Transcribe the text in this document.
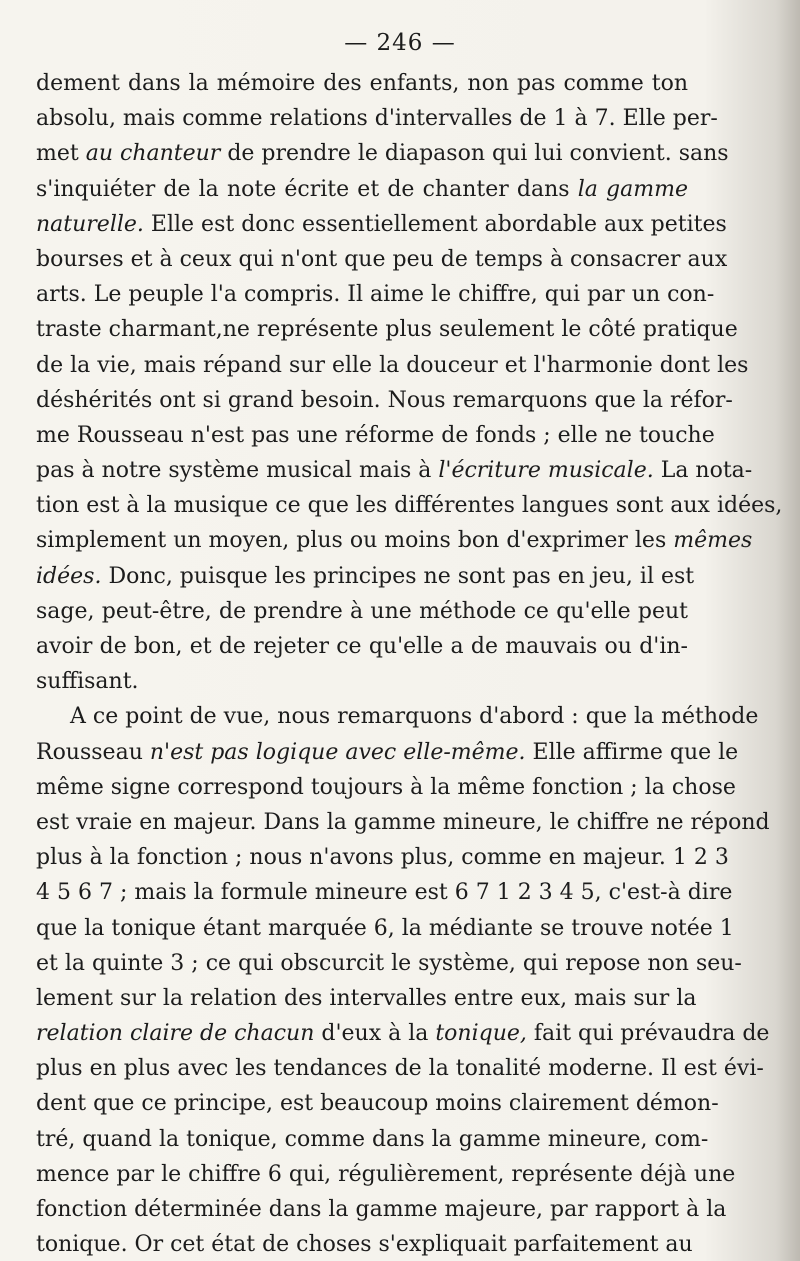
— 246 —
dement dans la mémoire des enfants, non pas comme ton
absolu, mais comme relations d'intervalles de 1 à 7. Elle per-
met au chanteur de prendre le diapason qui lui convient. sans
s'inquiéter de la note écrite et de chanter dans la gamme
naturelle. Elle est donc essentiellement abordable aux petites
bourses et à ceux qui n'ont que peu de temps à consacrer aux
arts. Le peuple l'a compris. Il aime le chiffre, qui par un con-
traste charmant,ne représente plus seulement le côté pratique
de la vie, mais répand sur elle la douceur et l'harmonie dont les
déshérités ont si grand besoin. Nous remarquons que la réfor-
me Rousseau n'est pas une réforme de fonds ; elle ne touche
pas à notre système musical mais à l'écriture musicale. La nota-
tion est à la musique ce que les différentes langues sont aux idées,
simplement un moyen, plus ou moins bon d'exprimer les mêmes
idées. Donc, puisque les principes ne sont pas en jeu, il est
sage, peut-être, de prendre à une méthode ce qu'elle peut
avoir de bon, et de rejeter ce qu'elle a de mauvais ou d'in-
suffisant.
A ce point de vue, nous remarquons d'abord : que la méthode
Rousseau n'est pas logique avec elle-même. Elle affirme que le
même signe correspond toujours à la même fonction ; la chose
est vraie en majeur. Dans la gamme mineure, le chiffre ne répond
plus à la fonction ; nous n'avons plus, comme en majeur. 1 2 3
4 5 6 7 ; mais la formule mineure est 6 7 1 2 3 4 5, c'est-à dire
que la tonique étant marquée 6, la médiante se trouve notée 1
et la quinte 3 ; ce qui obscurcit le système, qui repose non seu-
lement sur la relation des intervalles entre eux, mais sur la
relation claire de chacun d'eux à la tonique, fait qui prévaudra de
plus en plus avec les tendances de la tonalité moderne. Il est évi-
dent que ce principe, est beaucoup moins clairement démon-
tré, quand la tonique, comme dans la gamme mineure, com-
mence par le chiffre 6 qui, régulièrement, représente déjà une
fonction déterminée dans la gamme majeure, par rapport à la
tonique. Or cet état de choses s'expliquait parfaitement au
